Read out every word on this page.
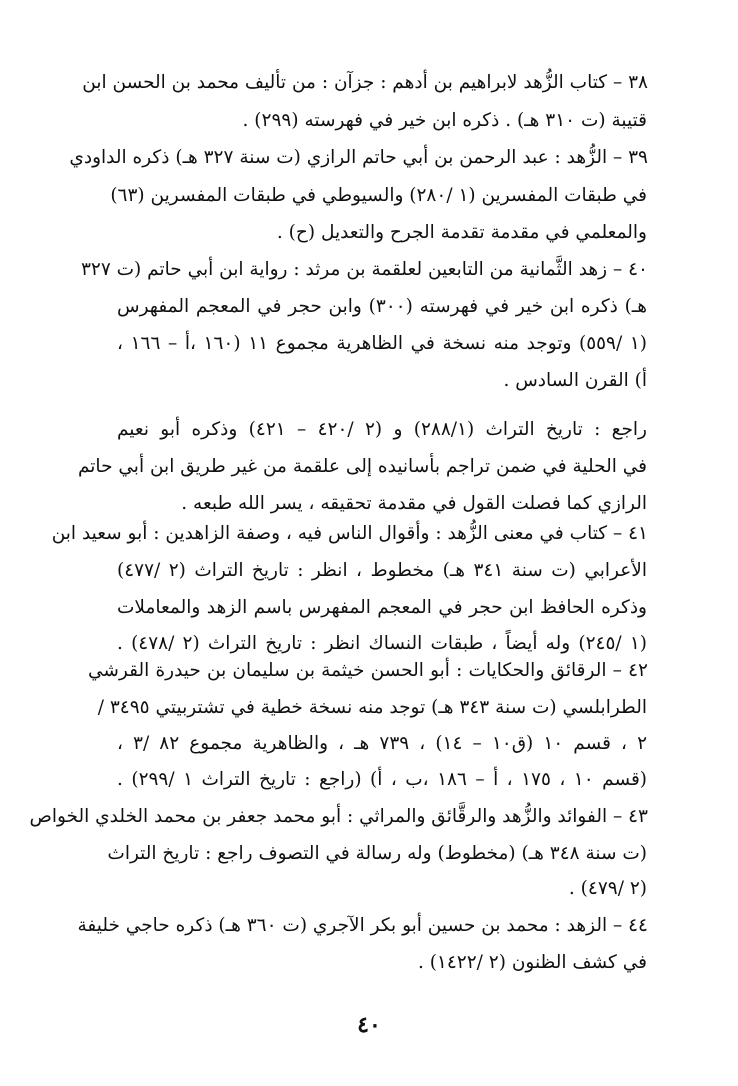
٣٨ – كتاب الزُّهد لابراهيم بن أدهم : جزآن : من تأليف محمد بن الحسن ابن
قتيبة (ت ٣١٠ هـ) . ذكره ابن خير في فهرسته (٢٩٩) .
٣٩ – الزُّهد : عبد الرحمن بن أبي حاتم الرازي (ت سنة ٣٢٧ هـ) ذكره الداودي
في طبقات المفسرين (١ /٢٨٠) والسيوطي في طبقات المفسرين (٦٣)
والمعلمي في مقدمة تقدمة الجرح والتعديل (ح) .
٤٠ – زهد الثَّمانية من التابعين لعلقمة بن مرثد : رواية ابن أبي حاتم (ت ٣٢٧
هـ) ذكره ابن خير في فهرسته (٣٠٠) وابن حجر في المعجم المفهرس
(١ /٥٥٩) وتوجد منه نسخة في الظاهرية مجموع ١١ (١٦٠ ،أ – ١٦٦ ،
أ) القرن السادس .
راجع : تاريخ التراث (٢٨٨/١) و (٢ /٤٢٠ – ٤٢١) وذكره أبو نعيم
في الحلية في ضمن تراجم بأسانيده إلى علقمة من غير طريق ابن أبي حاتم
الرازي كما فصلت القول في مقدمة تحقيقه ، يسر الله طبعه .
٤١ – كتاب في معنى الزُّهد : وأقوال الناس فيه ، وصفة الزاهدين : أبو سعيد ابن
الأعرابي (ت سنة ٣٤١ هـ) مخطوط ، انظر : تاريخ التراث (٢ /٤٧٧)
وذكره الحافظ ابن حجر في المعجم المفهرس باسم الزهد والمعاملات
(١ /٢٤٥) وله أيضاً ، طبقات النساك انظر : تاريخ التراث (٢ /٤٧٨) .
٤٢ – الرقائق والحكايات : أبو الحسن خيثمة بن سليمان بن حيدرة القرشي
الطرابلسي (ت سنة ٣٤٣ هـ) توجد منه نسخة خطية في تشتربيتي ٣٤٩٥ /
٢ ، قسم ١٠ (ق١٠ – ١٤) ، ٧٣٩ هـ ، والظاهرية مجموع ٨٢ /٣ ،
(قسم ١٠ ، ١٧٥ ، أ – ١٨٦ ،ب ، أ) (راجع : تاريخ التراث ١ /٢٩٩) .
٤٣ – الفوائد والزُّهد والرقَّائق والمراثي : أبو محمد جعفر بن محمد الخلدي الخواص
(ت سنة ٣٤٨ هـ) (مخطوط) وله رسالة في التصوف راجع : تاريخ التراث
(٢ /٤٧٩) .
٤٤ – الزهد : محمد بن حسين أبو بكر الآجري (ت ٣٦٠ هـ) ذكره حاجي خليفة
في كشف الظنون (٢ /١٤٢٢) .
٤٠
